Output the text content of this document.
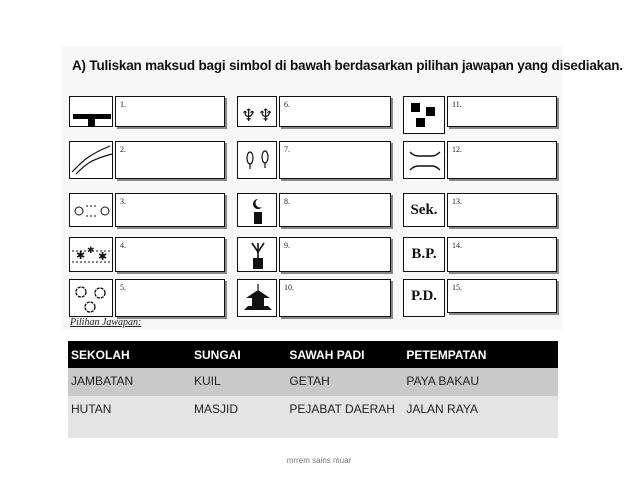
A) Tuliskan maksud bagi simbol di bawah berdasarkan pilihan jawapan yang disediakan.
1.
2.
3.
✱ ✱ ✱
4.
5.
♆ ♆
6.
7.
8.
9.
10.
11.
12.
Sek.
13.
B.P.
14.
P.D.
15.
Pilihan Jawapan:
SEKOLAH	SUNGAI	SAWAH PADI	PETEMPATAN
JAMBATAN	KUIL	GETAH	PAYA BAKAU
HUTAN	MASJID	PEJABAT DAERAH	JALAN RAYA
mrrem sains muar
